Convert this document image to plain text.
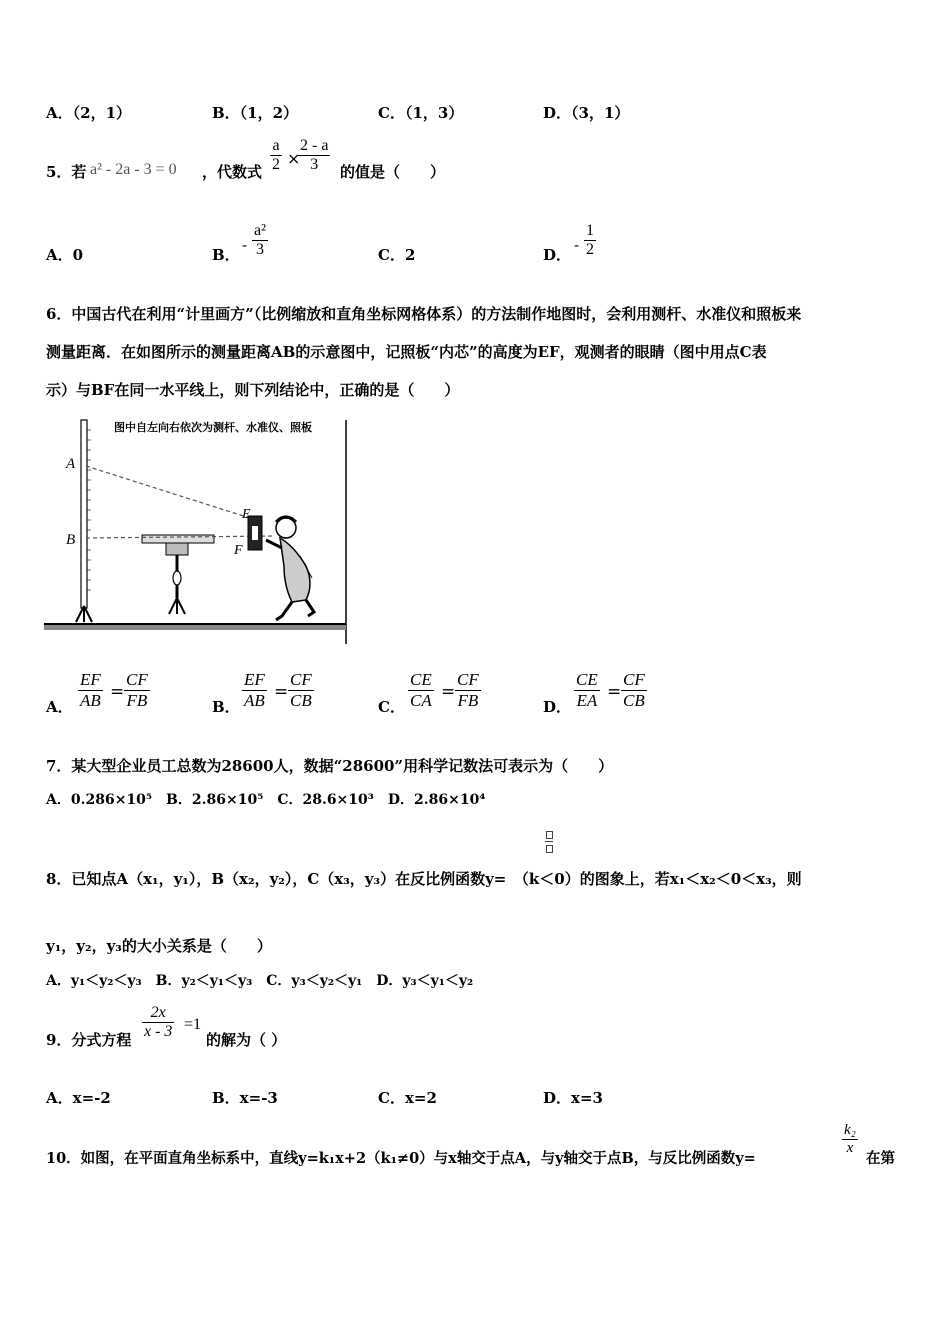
A．（2，1）	B．（1，2）	C．（1，3）	D．（3，1）
5．若 a² - 2a - 3 = 0 ，代数式 $\frac{a}{2}$ ×
$\frac{2 - a}{3}$ 的值是（　　）
A．0	B．
- $\frac{\text{a²}}{3}$	C．2	D．
- $\frac{1}{2}$
6．中国古代在利用“计里画方”（比例缩放和直角坐标网格体系）的方法制作地图时，会利用测杆、水准仪和照板来
测量距离．在如图所示的测量距离AB的示意图中，记照板“内芯”的高度为EF，观测者的眼睛（图中用点C表
示）与BF在同一水平线上，则下列结论中，正确的是（　　）
图中自左向右依次为测杆、水准仪、照板
A
B
E
F
A． $\frac{EF}{AB} = \frac{CF}{FB}$	B． $\frac{EF}{AB} = \frac{CF}{CB}$	C． $\frac{CE}{CA} = \frac{CF}{FB}$	D． $\frac{CE}{EA} = \frac{CF}{CB}$
7．某大型企业员工总数为28600人，数据“28600”用科学记数法可表示为（　　）
A．0.286×10⁵　B．2.86×10⁵　C．28.6×10³　D．2.86×10⁴
8．已知点A（x₁，y₁），B（x₂，y₂），C（x₃，y₃）在反比例函数y=　（k＜0）的图象上，若x₁＜x₂＜0＜x₃，则
y₁，y₂，y₃的大小关系是（　　）
A．y₁＜y₂＜y₃　B．y₂＜y₁＜y₃　C．y₃＜y₂＜y₁　D．y₃＜y₁＜y₂
9．分式方程 $\frac{2x}{x - 3} =1$
的解为（ ）
A．x=-2	B．x=-3	C．x=2	D．x=3
10．如图，在平面直角坐标系中，直线y=k₁x+2（k₁≠0）与x轴交于点A，与y轴交于点B，与反比例函数y=
$\frac{\text{k₂}}{x}$
在第
